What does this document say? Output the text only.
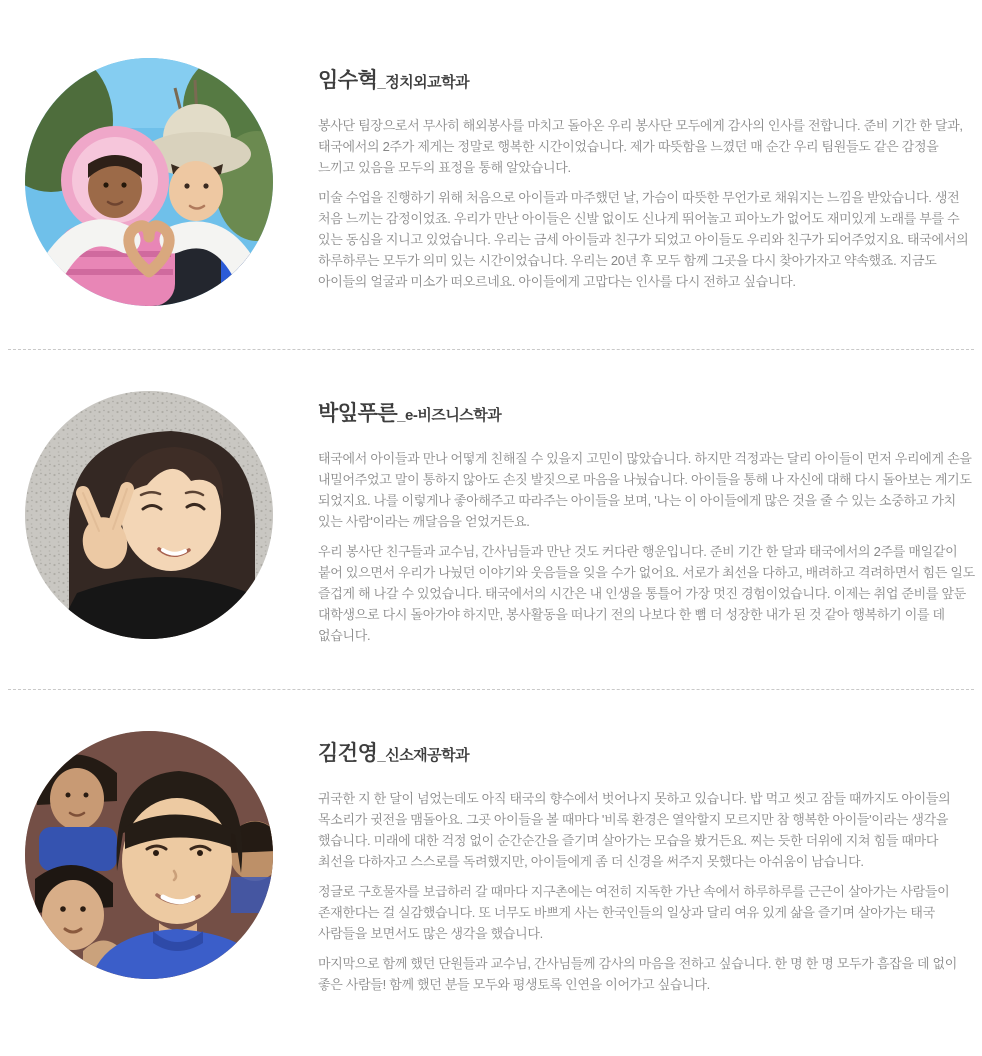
임수혁_정치외교학과

봉사단 팀장으로서 무사히 해외봉사를 마치고 돌아온 우리 봉사단 모두에게 감사의 인사를 전합니다. 준비 기간 한 달과, 태국에서의 2주가 제게는 정말로 행복한 시간이었습니다. 제가 따뜻함을 느꼈던 매 순간 우리 팀원들도 같은 감정을 느끼고 있음을 모두의 표정을 통해 알았습니다.

미술 수업을 진행하기 위해 처음으로 아이들과 마주했던 날, 가슴이 따뜻한 무언가로 채워지는 느낌을 받았습니다. 생전 처음 느끼는 감정이었죠. 우리가 만난 아이들은 신발 없이도 신나게 뛰어놀고 피아노가 없어도 재미있게 노래를 부를 수 있는 동심을 지니고 있었습니다. 우리는 금세 아이들과 친구가 되었고 아이들도 우리와 친구가 되어주었지요. 태국에서의 하루하루는 모두가 의미 있는 시간이었습니다. 우리는 20년 후 모두 함께 그곳을 다시 찾아가자고 약속했죠. 지금도 아이들의 얼굴과 미소가 떠오르네요. 아이들에게 고맙다는 인사를 다시 전하고 싶습니다.

박잎푸른_e-비즈니스학과

태국에서 아이들과 만나 어떻게 친해질 수 있을지 고민이 많았습니다. 하지만 걱정과는 달리 아이들이 먼저 우리에게 손을 내밀어주었고 말이 통하지 않아도 손짓 발짓으로 마음을 나눴습니다. 아이들을 통해 나 자신에 대해 다시 돌아보는 계기도 되었지요. 나를 이렇게나 좋아해주고 따라주는 아이들을 보며, '나는 이 아이들에게 많은 것을 줄 수 있는 소중하고 가치 있는 사람'이라는 깨달음을 얻었거든요.

우리 봉사단 친구들과 교수님, 간사님들과 만난 것도 커다란 행운입니다. 준비 기간 한 달과 태국에서의 2주를 매일같이 붙어 있으면서 우리가 나눴던 이야기와 웃음들을 잊을 수가 없어요. 서로가 최선을 다하고, 배려하고 격려하면서 힘든 일도 즐겁게 해 나갈 수 있었습니다. 태국에서의 시간은 내 인생을 통틀어 가장 멋진 경험이었습니다. 이제는 취업 준비를 앞둔 대학생으로 다시 돌아가야 하지만, 봉사활동을 떠나기 전의 나보다 한 뼘 더 성장한 내가 된 것 같아 행복하기 이를 데 없습니다.

김건영_신소재공학과

귀국한 지 한 달이 넘었는데도 아직 태국의 향수에서 벗어나지 못하고 있습니다. 밥 먹고 씻고 잠들 때까지도 아이들의 목소리가 귓전을 맴돌아요. 그곳 아이들을 볼 때마다 '비록 환경은 열악할지 모르지만 참 행복한 아이들'이라는 생각을 했습니다. 미래에 대한 걱정 없이 순간순간을 즐기며 살아가는 모습을 봤거든요. 찌는 듯한 더위에 지쳐 힘들 때마다 최선을 다하자고 스스로를 독려했지만, 아이들에게 좀 더 신경을 써주지 못했다는 아쉬움이 남습니다.

정글로 구호물자를 보급하러 갈 때마다 지구촌에는 여전히 지독한 가난 속에서 하루하루를 근근이 살아가는 사람들이 존재한다는 걸 실감했습니다. 또 너무도 바쁘게 사는 한국인들의 일상과 달리 여유 있게 삶을 즐기며 살아가는 태국 사람들을 보면서도 많은 생각을 했습니다.

마지막으로 함께 했던 단원들과 교수님, 간사님들께 감사의 마음을 전하고 싶습니다. 한 명 한 명 모두가 흠잡을 데 없이 좋은 사람들! 함께 했던 분들 모두와 평생토록 인연을 이어가고 싶습니다.
